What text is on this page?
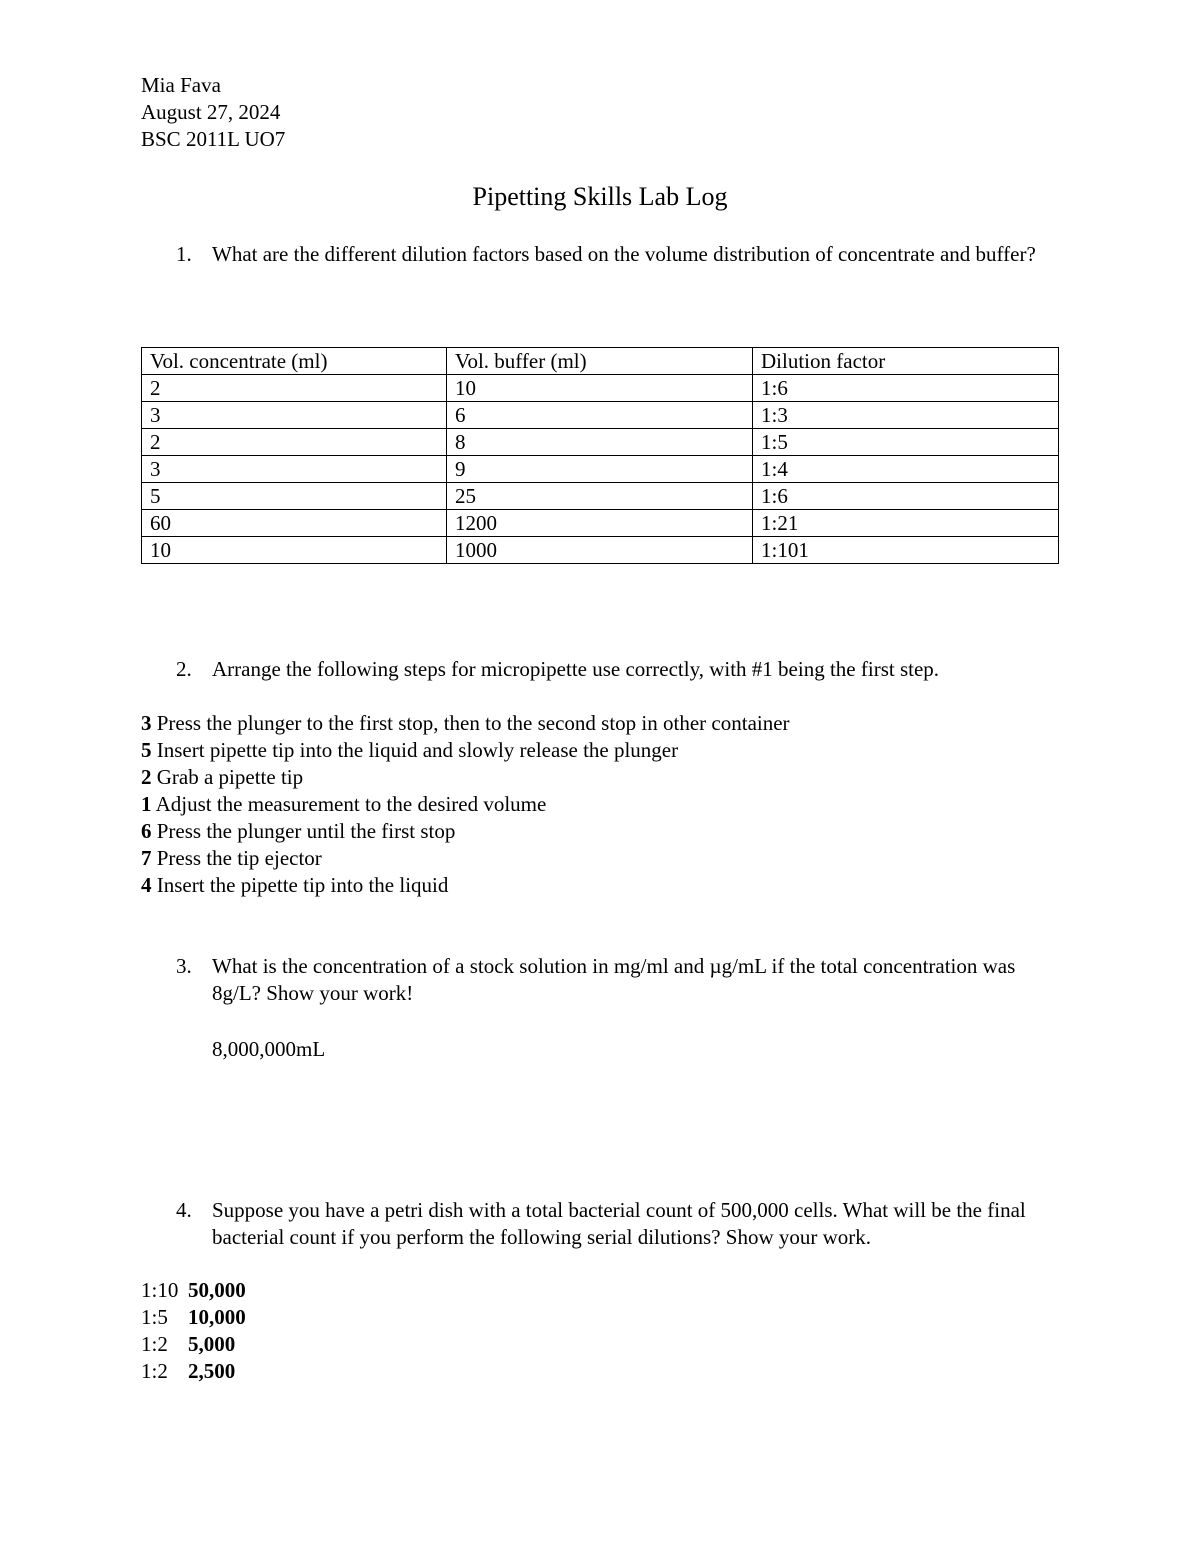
Mia Fava
August 27, 2024
BSC 2011L UO7
Pipetting Skills Lab Log
1. What are the different dilution factors based on the volume distribution of concentrate and buffer?
Vol. concentrate (ml)	Vol. buffer (ml)	Dilution factor
2	10	1:6
3	6	1:3
2	8	1:5
3	9	1:4
5	25	1:6
60	1200	1:21
10	1000	1:101
2. Arrange the following steps for micropipette use correctly, with #1 being the first step.
3 Press the plunger to the first stop, then to the second stop in other container
5 Insert pipette tip into the liquid and slowly release the plunger
2 Grab a pipette tip
1 Adjust the measurement to the desired volume
6 Press the plunger until the first stop
7 Press the tip ejector
4 Insert the pipette tip into the liquid
3. What is the concentration of a stock solution in mg/ml and µg/mL if the total concentration was 8g/L? Show your work!
8,000,000mL
4. Suppose you have a petri dish with a total bacterial count of 500,000 cells. What will be the final bacterial count if you perform the following serial dilutions? Show your work.
1:10 50,000
1:5 10,000
1:2 5,000
1:2 2,500
